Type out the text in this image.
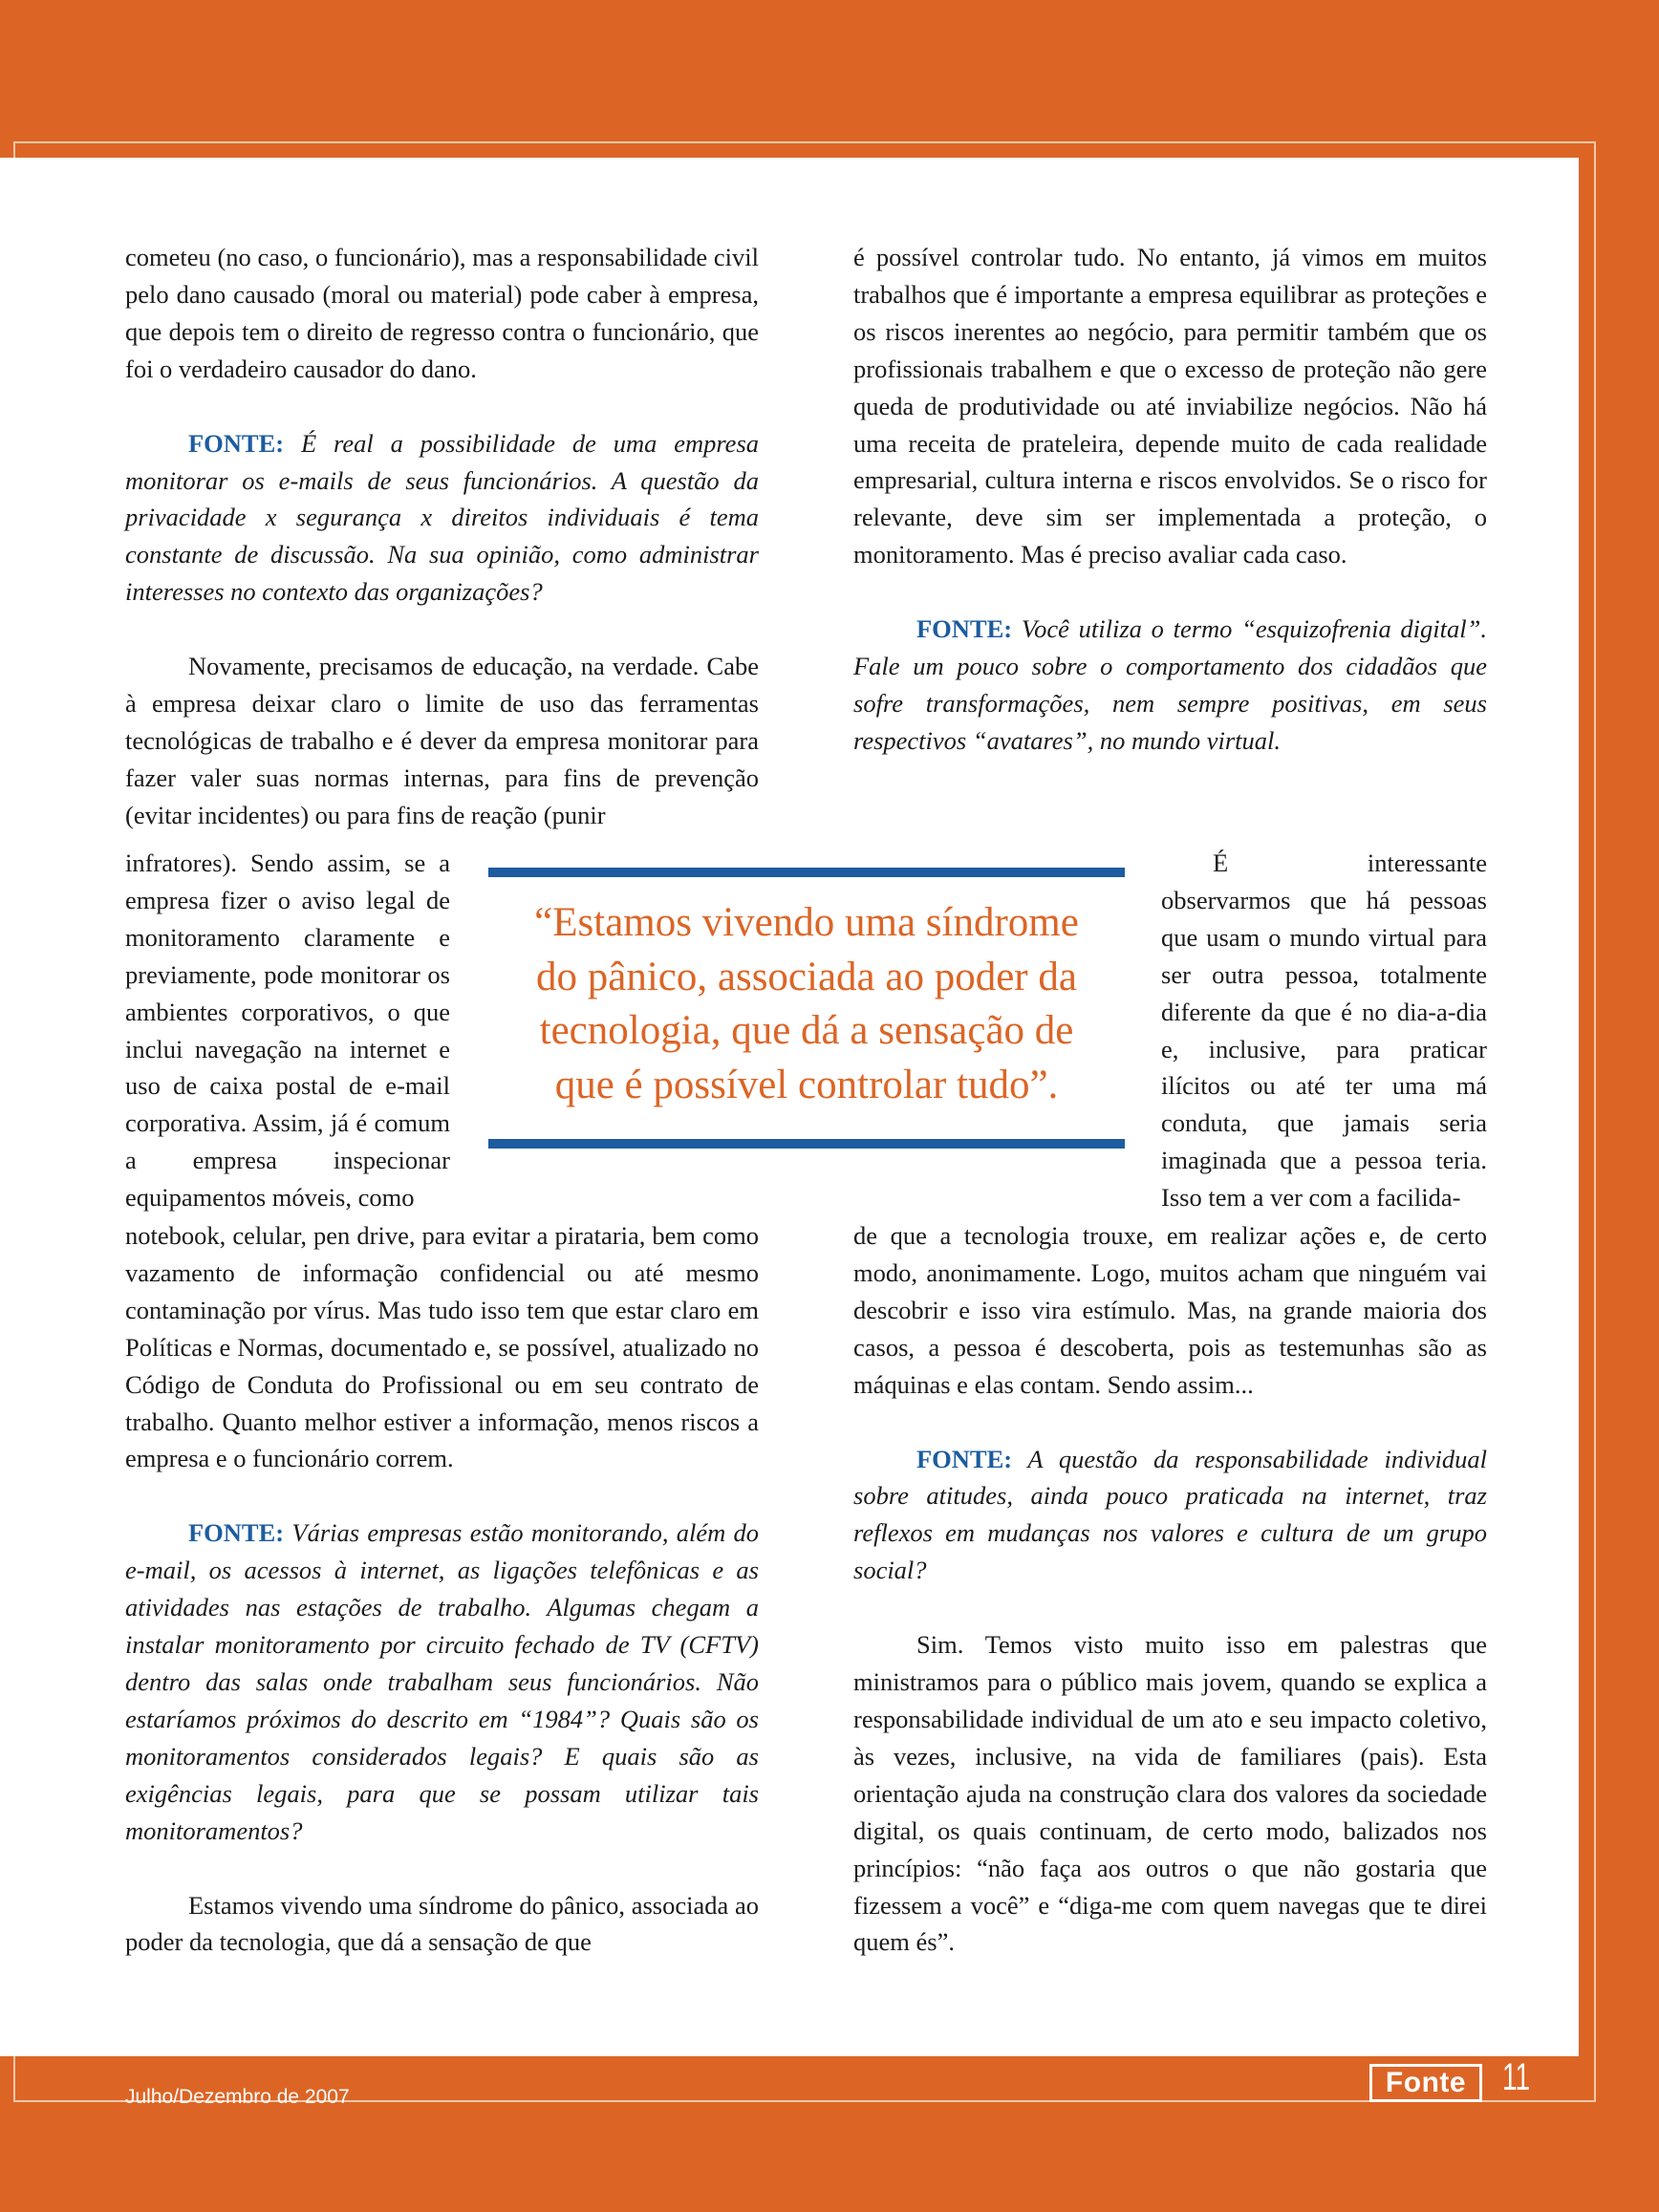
cometeu (no caso, o funcionário), mas a responsabilidade civil pelo dano causado (moral ou material) pode caber à empresa, que depois tem o direito de regresso contra o funcionário, que foi o verdadeiro causador do dano.

FONTE: É real a possibilidade de uma empresa monitorar os e-mails de seus funcionários. A questão da privacidade x segurança x direitos individuais é tema constante de discussão. Na sua opinião, como administrar interesses no contexto das organizações?

Novamente, precisamos de educação, na verdade. Cabe à empresa deixar claro o limite de uso das ferramentas tecnológicas de trabalho e é dever da empresa monitorar para fazer valer suas normas internas, para fins de prevenção (evitar incidentes) ou para fins de reação (punir

infratores). Sendo assim, se a empresa fizer o aviso legal de monitoramento claramente e previamente, pode monitorar os ambientes corporativos, o que inclui navegação na internet e uso de caixa postal de e-mail corporativa. Assim, já é comum a empresa inspecionar equipamentos móveis, como

notebook, celular, pen drive, para evitar a pirataria, bem como vazamento de informação confidencial ou até mesmo contaminação por vírus. Mas tudo isso tem que estar claro em Políticas e Normas, documentado e, se possível, atualizado no Código de Conduta do Profissional ou em seu contrato de trabalho. Quanto melhor estiver a informação, menos riscos a empresa e o funcionário correm.

FONTE: Várias empresas estão monitorando, além do e-mail, os acessos à internet, as ligações telefônicas e as atividades nas estações de trabalho. Algumas chegam a instalar monitoramento por circuito fechado de TV (CFTV) dentro das salas onde trabalham seus funcionários. Não estaríamos próximos do descrito em “1984”? Quais são os monitoramentos considerados legais? E quais são as exigências legais, para que se possam utilizar tais monitoramentos?

Estamos vivendo uma síndrome do pânico, associada ao poder da tecnologia, que dá a sensação de que

é possível controlar tudo. No entanto, já vimos em muitos trabalhos que é importante a empresa equilibrar as proteções e os riscos inerentes ao negócio, para permitir também que os profissionais trabalhem e que o excesso de proteção não gere queda de produtividade ou até inviabilize negócios. Não há uma receita de prateleira, depende muito de cada realidade empresarial, cultura interna e riscos envolvidos. Se o risco for relevante, deve sim ser implementada a proteção, o monitoramento. Mas é preciso avaliar cada caso.

FONTE: Você utiliza o termo “esquizofrenia digital”. Fale um pouco sobre o comportamento dos cidadãos que sofre transformações, nem sempre positivas, em seus respectivos “avatares”, no mundo virtual.

É interessante observarmos que há pessoas que usam o mundo virtual para ser outra pessoa, totalmente diferente da que é no dia-a-dia e, inclusive, para praticar ilícitos ou até ter uma má conduta, que jamais seria imaginada que a pessoa teria. Isso tem a ver com a facilida-

de que a tecnologia trouxe, em realizar ações e, de certo modo, anonimamente. Logo, muitos acham que ninguém vai descobrir e isso vira estímulo. Mas, na grande maioria dos casos, a pessoa é descoberta, pois as testemunhas são as máquinas e elas contam. Sendo assim...

FONTE: A questão da responsabilidade individual sobre atitudes, ainda pouco praticada na internet, traz reflexos em mudanças nos valores e cultura de um grupo social?

Sim. Temos visto muito isso em palestras que ministramos para o público mais jovem, quando se explica a responsabilidade individual de um ato e seu impacto coletivo, às vezes, inclusive, na vida de familiares (pais). Esta orientação ajuda na construção clara dos valores da sociedade digital, os quais continuam, de certo modo, balizados nos princípios: “não faça aos outros o que não gostaria que fizessem a você” e “diga-me com quem navegas que te direi quem és”.

“Estamos vivendo uma síndrome
do pânico, associada ao poder da
tecnologia, que dá a sensação de
que é possível controlar tudo”.
Julho/Dezembro de 2007	Fonte 11
